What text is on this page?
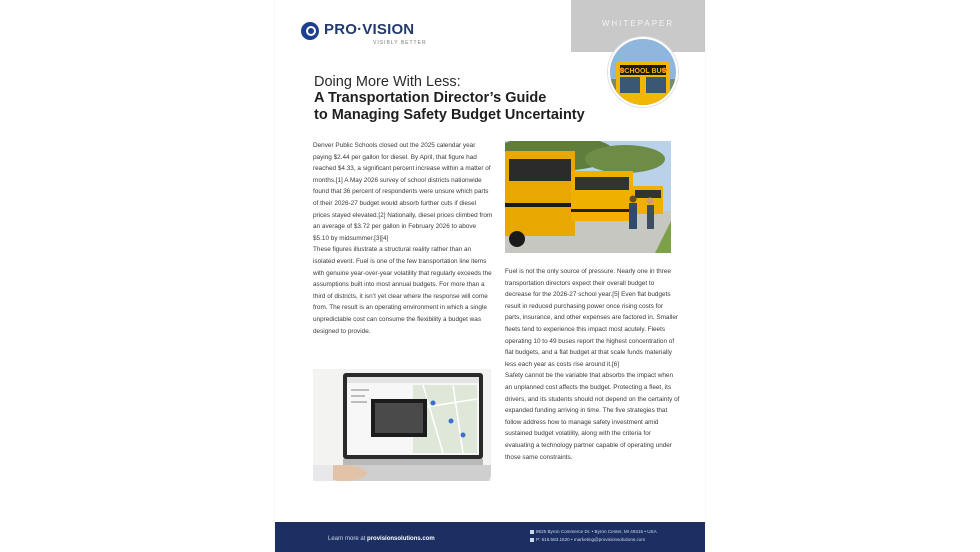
WHITEPAPER
PRO·VISION
VISIBLY BETTER
SCHOOL BUS
Doing More With Less:
A Transportation Director’s Guide
to Managing Safety Budget Uncertainty

Denver Public Schools closed out the 2025 calendar year paying $2.44 per gallon for diesel. By April, that figure had reached $4.33, a significant percent increase within a matter of months.[1] A May 2026 survey of school districts nationwide found that 36 percent of respondents were unsure which parts of their 2026-27 budget would absorb further cuts if diesel prices stayed elevated.[2] Nationally, diesel prices climbed from an average of $3.72 per gallon in February 2026 to above $5.10 by midsummer.[3][4]

These figures illustrate a structural reality rather than an isolated event. Fuel is one of the few transportation line items with genuine year-over-year volatility that regularly exceeds the assumptions built into most annual budgets. For more than a third of districts, it isn’t yet clear where the response will come from. The result is an operating environment in which a single unpredictable cost can consume the flexibility a budget was designed to provide.

Fuel is not the only source of pressure. Nearly one in three transportation directors expect their overall budget to decrease for the 2026-27 school year.[5] Even flat budgets result in reduced purchasing power once rising costs for parts, insurance, and other expenses are factored in. Smaller fleets tend to experience this impact most acutely. Fleets operating 10 to 49 buses report the highest concentration of flat budgets, and a flat budget at that scale funds materially less each year as costs rise around it.[6]

Safety cannot be the variable that absorbs the impact when an unplanned cost affects the budget. Protecting a fleet, its drivers, and its students should not depend on the certainty of expanded funding arriving in time. The five strategies that follow address how to manage safety investment amid sustained budget volatility, along with the criteria for evaluating a technology partner capable of operating under those same constraints.

Learn more at provisionsolutions.com
8625 Byron Commerce Dr. • Byron Center, MI 49315 • USA
P: 616.583.1520 • marketing@provisionsolutions.com
